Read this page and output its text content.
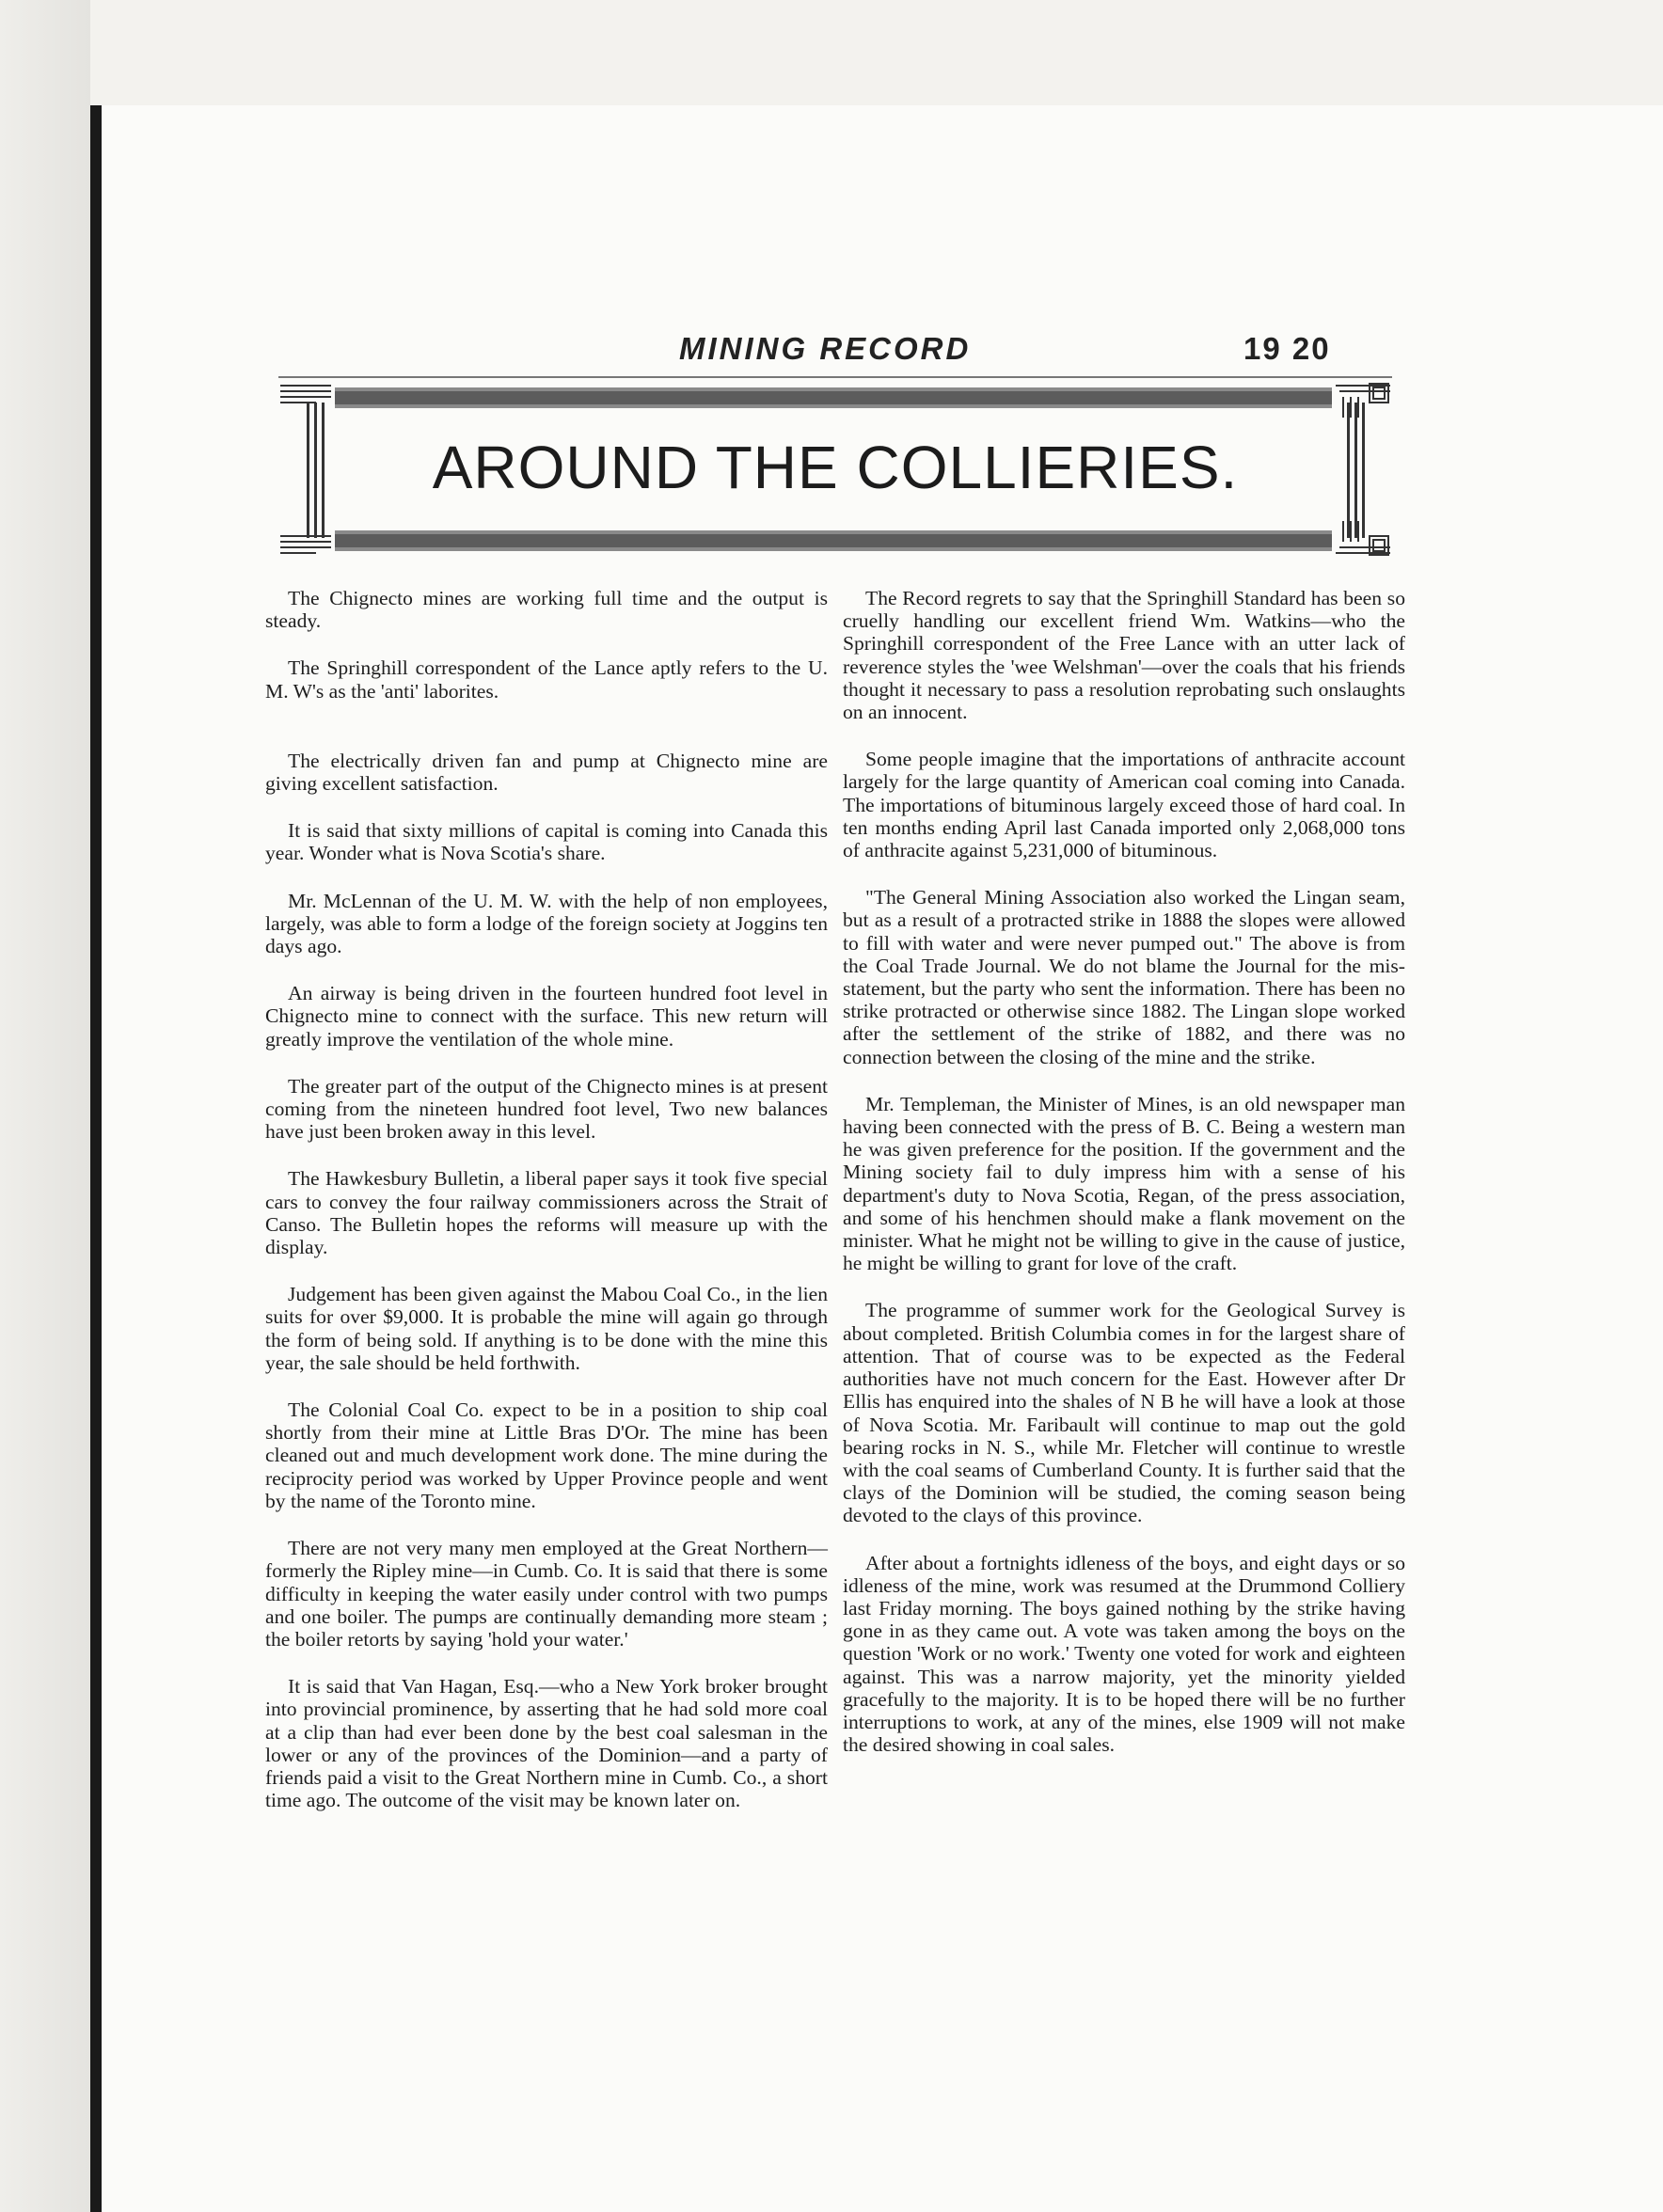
MINING RECORD	19 20
AROUND THE COLLIERIES.

The Chignecto mines are working full time and the output is steady.

The Springhill correspondent of the Lance aptly refers to the U. M. W's as the 'anti' laborites.

The electrically driven fan and pump at Chignecto mine are giving excellent satisfaction.

It is said that sixty millions of capital is coming into Canada this year. Wonder what is Nova Scotia's share.

Mr. McLennan of the U. M. W. with the help of non employees, largely, was able to form a lodge of the foreign society at Joggins ten days ago.

An airway is being driven in the fourteen hundred foot level in Chignecto mine to connect with the surface. This new return will greatly improve the ventilation of the whole mine.

The greater part of the output of the Chignecto mines is at present coming from the nineteen hundred foot level, Two new balances have just been broken away in this level.

The Hawkesbury Bulletin, a liberal paper says it took five special cars to convey the four railway commissioners across the Strait of Canso. The Bulletin hopes the reforms will measure up with the display.

Judgement has been given against the Mabou Coal Co., in the lien suits for over $9,000. It is probable the mine will again go through the form of being sold. If anything is to be done with the mine this year, the sale should be held forthwith.

The Colonial Coal Co. expect to be in a position to ship coal shortly from their mine at Little Bras D'Or. The mine has been cleaned out and much development work done. The mine during the reciprocity period was worked by Upper Province people and went by the name of the Toronto mine.

There are not very many men employed at the Great Northern—formerly the Ripley mine—in Cumb. Co. It is said that there is some difficulty in keeping the water easily under control with two pumps and one boiler. The pumps are continually demanding more steam ; the boiler retorts by saying 'hold your water.'

It is said that Van Hagan, Esq.—who a New York broker brought into provincial prominence, by asserting that he had sold more coal at a clip than had ever been done by the best coal salesman in the lower or any of the provinces of the Dominion—and a party of friends paid a visit to the Great Northern mine in Cumb. Co., a short time ago. The outcome of the visit may be known later on.

The Record regrets to say that the Springhill Standard has been so cruelly handling our excellent friend Wm. Watkins—who the Springhill correspondent of the Free Lance with an utter lack of reverence styles the 'wee Welshman'—over the coals that his friends thought it necessary to pass a resolution reprobating such onslaughts on an innocent.

Some people imagine that the importations of anthracite account largely for the large quantity of American coal coming into Canada. The importations of bituminous largely exceed those of hard coal. In ten months ending April last Canada imported only 2,068,000 tons of anthracite against 5,231,000 of bituminous.

"The General Mining Association also worked the Lingan seam, but as a result of a protracted strike in 1888 the slopes were allowed to fill with water and were never pumped out." The above is from the Coal Trade Journal. We do not blame the Journal for the mis-statement, but the party who sent the information. There has been no strike protracted or otherwise since 1882. The Lingan slope worked after the settlement of the strike of 1882, and there was no connection between the closing of the mine and the strike.

Mr. Templeman, the Minister of Mines, is an old newspaper man having been connected with the press of B. C. Being a western man he was given preference for the position. If the government and the Mining society fail to duly impress him with a sense of his department's duty to Nova Scotia, Regan, of the press association, and some of his henchmen should make a flank movement on the minister. What he might not be willing to give in the cause of justice, he might be willing to grant for love of the craft.

The programme of summer work for the Geological Survey is about completed. British Columbia comes in for the largest share of attention. That of course was to be expected as the Federal authorities have not much concern for the East. However after Dr Ellis has enquired into the shales of N B he will have a look at those of Nova Scotia. Mr. Faribault will continue to map out the gold bearing rocks in N. S., while Mr. Fletcher will continue to wrestle with the coal seams of Cumberland County. It is further said that the clays of the Dominion will be studied, the coming season being devoted to the clays of this province.

After about a fortnights idleness of the boys, and eight days or so idleness of the mine, work was resumed at the Drummond Colliery last Friday morning. The boys gained nothing by the strike having gone in as they came out. A vote was taken among the boys on the question 'Work or no work.' Twenty one voted for work and eighteen against. This was a narrow majority, yet the minority yielded gracefully to the majority. It is to be hoped there will be no further interruptions to work, at any of the mines, else 1909 will not make the desired showing in coal sales.
